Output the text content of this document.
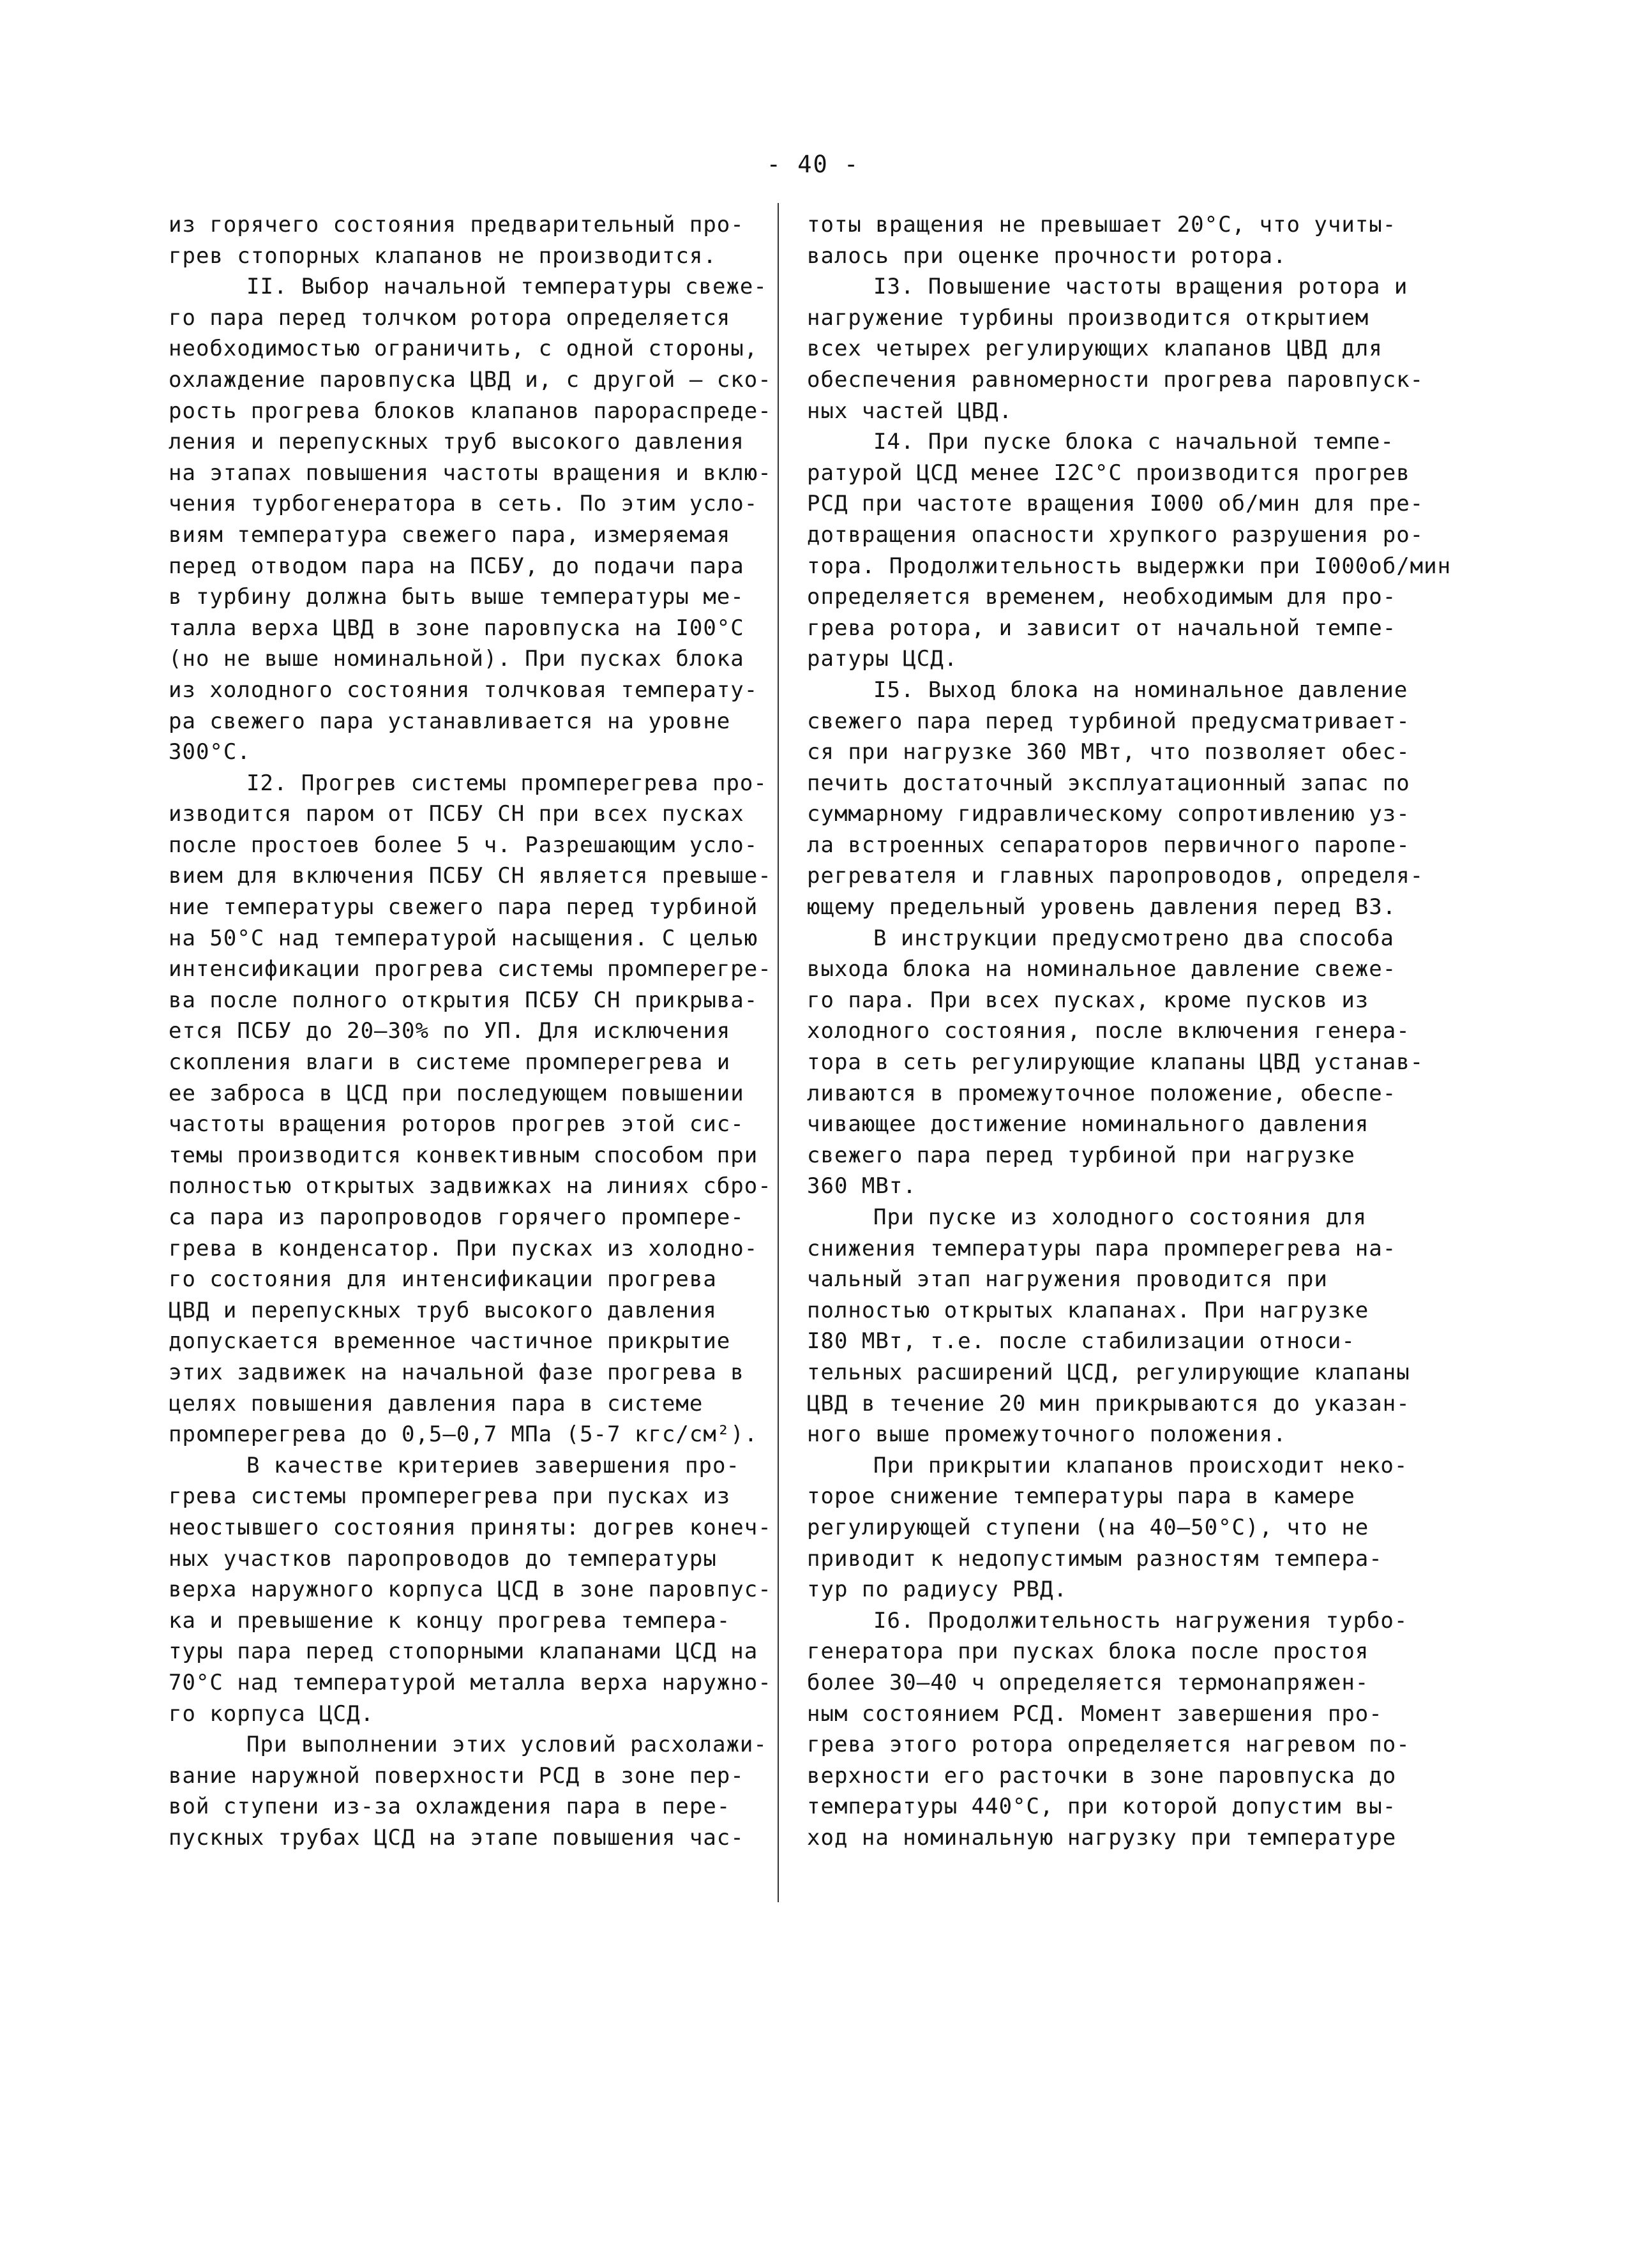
- 40 -
из горячего состояния предварительный про-
грев стопорных клапанов не производится.
II. Выбор начальной температуры свеже-
го пара перед толчком ротора определяется
необходимостью ограничить, с одной стороны,
охлаждение паровпуска ЦВД и, с другой – ско-
рость прогрева блоков клапанов парораспреде-
ления и перепускных труб высокого давления
на этапах повышения частоты вращения и вклю-
чения турбогенератора в сеть. По этим усло-
виям температура свежего пара, измеряемая
перед отводом пара на ПСБУ, до подачи пара
в турбину должна быть выше температуры ме-
талла верха ЦВД в зоне паровпуска на I00°С
(но не выше номинальной). При пусках блока
из холодного состояния толчковая температу-
ра свежего пара устанавливается на уровне
300°С.
I2. Прогрев системы промперегрева про-
изводится паром от ПСБУ СН при всех пусках
после простоев более 5 ч. Разрешающим усло-
вием для включения ПСБУ СН является превыше-
ние температуры свежего пара перед турбиной
на 50°С над температурой насыщения. С целью
интенсификации прогрева системы промперегре-
ва после полного открытия ПСБУ СН прикрыва-
ется ПСБУ до 20–30% по УП. Для исключения
скопления влаги в системе промперегрева и
ее заброса в ЦСД при последующем повышении
частоты вращения роторов прогрев этой сис-
темы производится конвективным способом при
полностью открытых задвижках на линиях сбро-
са пара из паропроводов горячего промпере-
грева в конденсатор. При пусках из холодно-
го состояния для интенсификации прогрева
ЦВД и перепускных труб высокого давления
допускается временное частичное прикрытие
этих задвижек на начальной фазе прогрева в
целях повышения давления пара в системе
промперегрева до 0,5–0,7 МПа (5-7 кгс/см²).
В качестве критериев завершения про-
грева системы промперегрева при пусках из
неостывшего состояния приняты: догрев конеч-
ных участков паропроводов до температуры
верха наружного корпуса ЦСД в зоне паровпус-
ка и превышение к концу прогрева темпера-
туры пара перед стопорными клапанами ЦСД на
70°С над температурой металла верха наружно-
го корпуса ЦСД.
При выполнении этих условий расхолажи-
вание наружной поверхности РСД в зоне пер-
вой ступени из-за охлаждения пара в пере-
пускных трубах ЦСД на этапе повышения час-
тоты вращения не превышает 20°С, что учиты-
валось при оценке прочности ротора.
I3. Повышение частоты вращения ротора и
нагружение турбины производится открытием
всех четырех регулирующих клапанов ЦВД для
обеспечения равномерности прогрева паровпуск-
ных частей ЦВД.
I4. При пуске блока с начальной темпе-
ратурой ЦСД менее I2С°С производится прогрев
РСД при частоте вращения I000 об/мин для пре-
дотвращения опасности хрупкого разрушения ро-
тора. Продолжительность выдержки при I000об/мин
определяется временем, необходимым для про-
грева ротора, и зависит от начальной темпе-
ратуры ЦСД.
I5. Выход блока на номинальное давление
свежего пара перед турбиной предусматривает-
ся при нагрузке 360 МВт, что позволяет обес-
печить достаточный эксплуатационный запас по
суммарному гидравлическому сопротивлению уз-
ла встроенных сепараторов первичного паропе-
регревателя и главных паропроводов, определя-
ющему предельный уровень давления перед ВЗ.
В инструкции предусмотрено два способа
выхода блока на номинальное давление свеже-
го пара. При всех пусках, кроме пусков из
холодного состояния, после включения генера-
тора в сеть регулирующие клапаны ЦВД устанав-
ливаются в промежуточное положение, обеспе-
чивающее достижение номинального давления
свежего пара перед турбиной при нагрузке
360 МВт.
При пуске из холодного состояния для
снижения температуры пара промперегрева на-
чальный этап нагружения проводится при
полностью открытых клапанах. При нагрузке
I80 МВт, т.е. после стабилизации относи-
тельных расширений ЦСД, регулирующие клапаны
ЦВД в течение 20 мин прикрываются до указан-
ного выше промежуточного положения.
При прикрытии клапанов происходит неко-
торое снижение температуры пара в камере
регулирующей ступени (на 40–50°С), что не
приводит к недопустимым разностям темпера-
тур по радиусу РВД.
I6. Продолжительность нагружения турбо-
генератора при пусках блока после простоя
более 30–40 ч определяется термонапряжен-
ным состоянием РСД. Момент завершения про-
грева этого ротора определяется нагревом по-
верхности его расточки в зоне паровпуска до
температуры 440°С, при которой допустим вы-
ход на номинальную нагрузку при температуре
